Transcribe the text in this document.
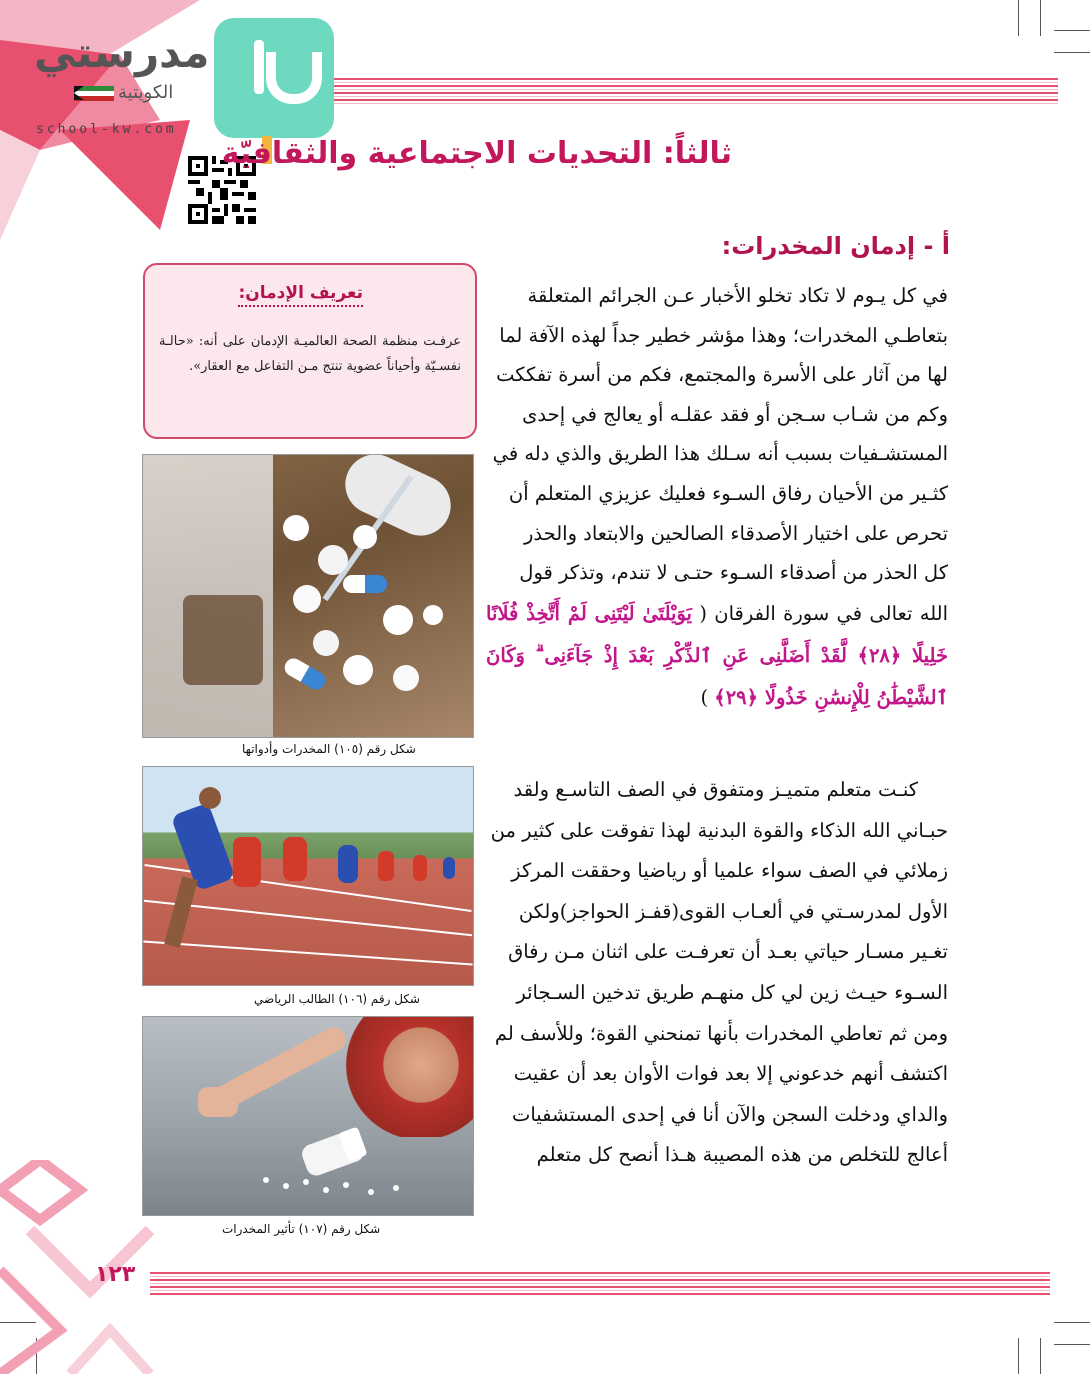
مدرستي
الكويتية
school-kw.com
ثالثاً: التحديات الاجتماعية والثقافيّة
أ - إدمان المخدرات:

في كل يـوم لا تكاد تخلو الأخبار عـن الجرائم المتعلقة

بتعاطـي المخدرات؛ وهذا مؤشر خطير جداً لهذه الآفة لما

لها من آثار على الأسرة والمجتمع، فكم من أسرة تفككت

وكم من شـاب سـجن أو فقد عقلـه أو يعالج في إحدى

المستشـفيات بسبب أنه سـلك هذا الطريق والذي دله في

كثـير من الأحيان رفاق السـوء فعليك عزيزي المتعلم أن

تحرص على اختيار الأصدقاء الصالحين والابتعاد والحذر

كل الحذر من أصدقاء السـوء حتـى لا تندم، وتذكر قول

الله تعالى في سورة الفرقان ( يَوَيْلَتَىٰ لَيْتَنِى لَمْ أَتَّخِذْ فُلَانًا خَلِيلًا ﴿٢٨﴾ لَّقَدْ أَضَلَّنِى عَنِ ٱلذِّكْرِ بَعْدَ إِذْ جَآءَنِى ۗ وَكَانَ ٱلشَّيْطَٰنُ لِلْإِنسَٰنِ خَذُولًا ﴿٢٩﴾ )

كنـت متعلم متميـز ومتفوق في الصف التاسـع ولقد

حبـاني الله الذكاء والقوة البدنية لهذا تفوقت على كثير من

زملائي في الصف سواء علميا أو رياضيا وحققت المركز

الأول لمدرسـتي في ألعـاب القوى(قفـز الحواجز)ولكن

تغـير مسـار حياتي بعـد أن تعرفـت على اثنان مـن رفاق

السـوء حيـث زين لي كل منهـم طريق تدخين السـجائر

ومن ثم تعاطي المخدرات بأنها تمنحني القوة؛ وللأسف لم

اكتشف أنهم خدعوني إلا بعد فوات الأوان بعد أن عقيت

والداي ودخلت السجن والآن أنا في إحدى المستشفيات

أعالج للتخلص من هذه المصيبة هـذا أنصح كل متعلم

تعريف الإدمان:
عرفـت منظمة الصحة العالميـة الإدمان على أنه: «حالـة نفسـيّة وأحياناً عضوية تنتج مـن التفاعل مع العقار».
شكل رقم (١٠٥) المخدرات وأدواتها
شكل رقم (١٠٦) الطالب الرياضي
شكل رقم (١٠٧) تأثير المخدرات
١٢٣
